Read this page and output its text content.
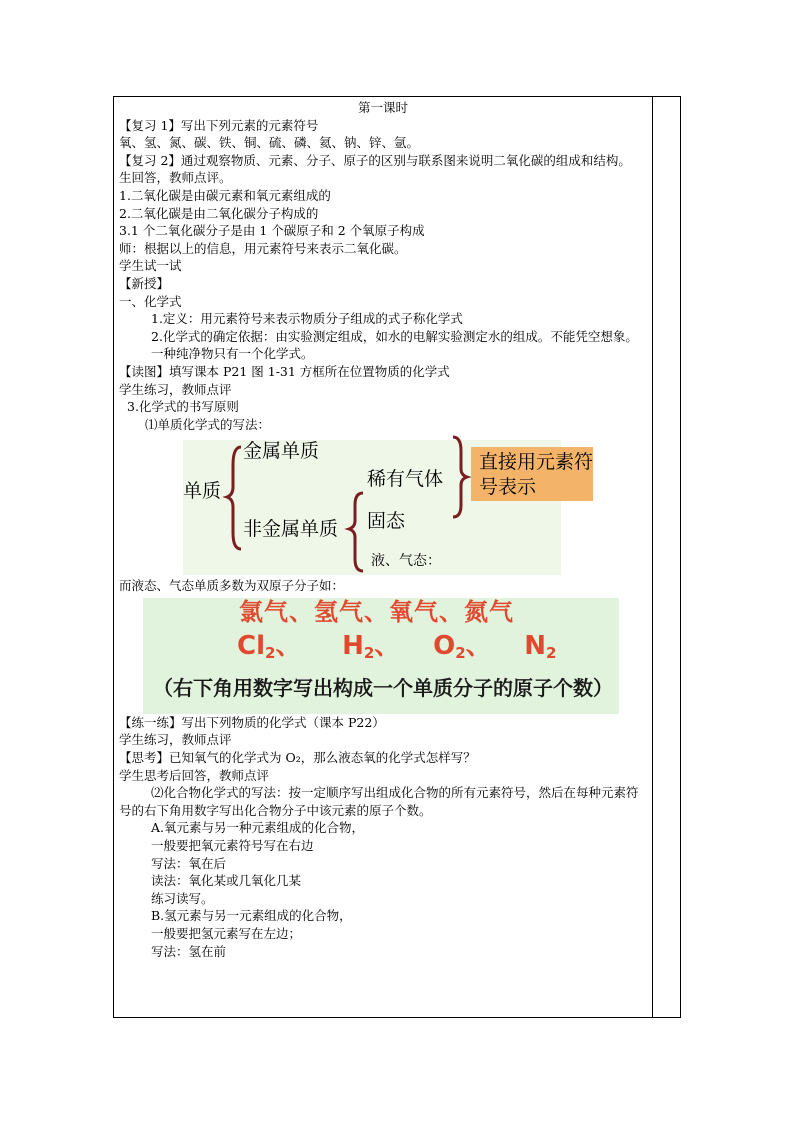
第一课时
【复习 1】写出下列元素的元素符号
氧、氢、氮、碳、铁、铜、硫、磷、氦、钠、锌、氩。
【复习 2】通过观察物质、元素、分子、原子的区别与联系图来说明二氧化碳的组成和结构。
生回答，教师点评。
1.二氧化碳是由碳元素和氧元素组成的
2.二氧化碳是由二氧化碳分子构成的
3.1 个二氧化碳分子是由 1 个碳原子和 2 个氧原子构成
师：根据以上的信息，用元素符号来表示二氧化碳。
学生试一试
【新授】
一、化学式
1.定义：用元素符号来表示物质分子组成的式子称化学式
2.化学式的确定依据：由实验测定组成，如水的电解实验测定水的组成。不能凭空想象。
一种纯净物只有一个化学式。
【读图】填写课本 P21 图 1-31 方框所在位置物质的化学式
学生练习，教师点评
3.化学式的书写原则
⑴单质化学式的写法：
单质
金属单质
非金属单质
稀有气体
固态
液、气态：
直接用元素符号表示
而液态、气态单质多数为双原子分子如：
氯气、氢气、氧气、氮气
$Cl_2$、 $H_2$、 $O_2$、 $N_2$
（右下角用数字写出构成一个单质分子的原子个数）
【练一练】写出下列物质的化学式（课本 P22）
学生练习，教师点评
【思考】已知氧气的化学式为 O₂，那么液态氧的化学式怎样写？
学生思考后回答，教师点评
⑵化合物化学式的写法：按一定顺序写出组成化合物的所有元素符号，然后在每种元素符号的右下角用数字写出化合物分子中该元素的原子个数。
A.氧元素与另一种元素组成的化合物，
一般要把氧元素符号写在右边
写法：氧在后
读法：氧化某或几氧化几某
练习读写。
B.氢元素与另一元素组成的化合物，
一般要把氢元素写在左边；
写法：氢在前
